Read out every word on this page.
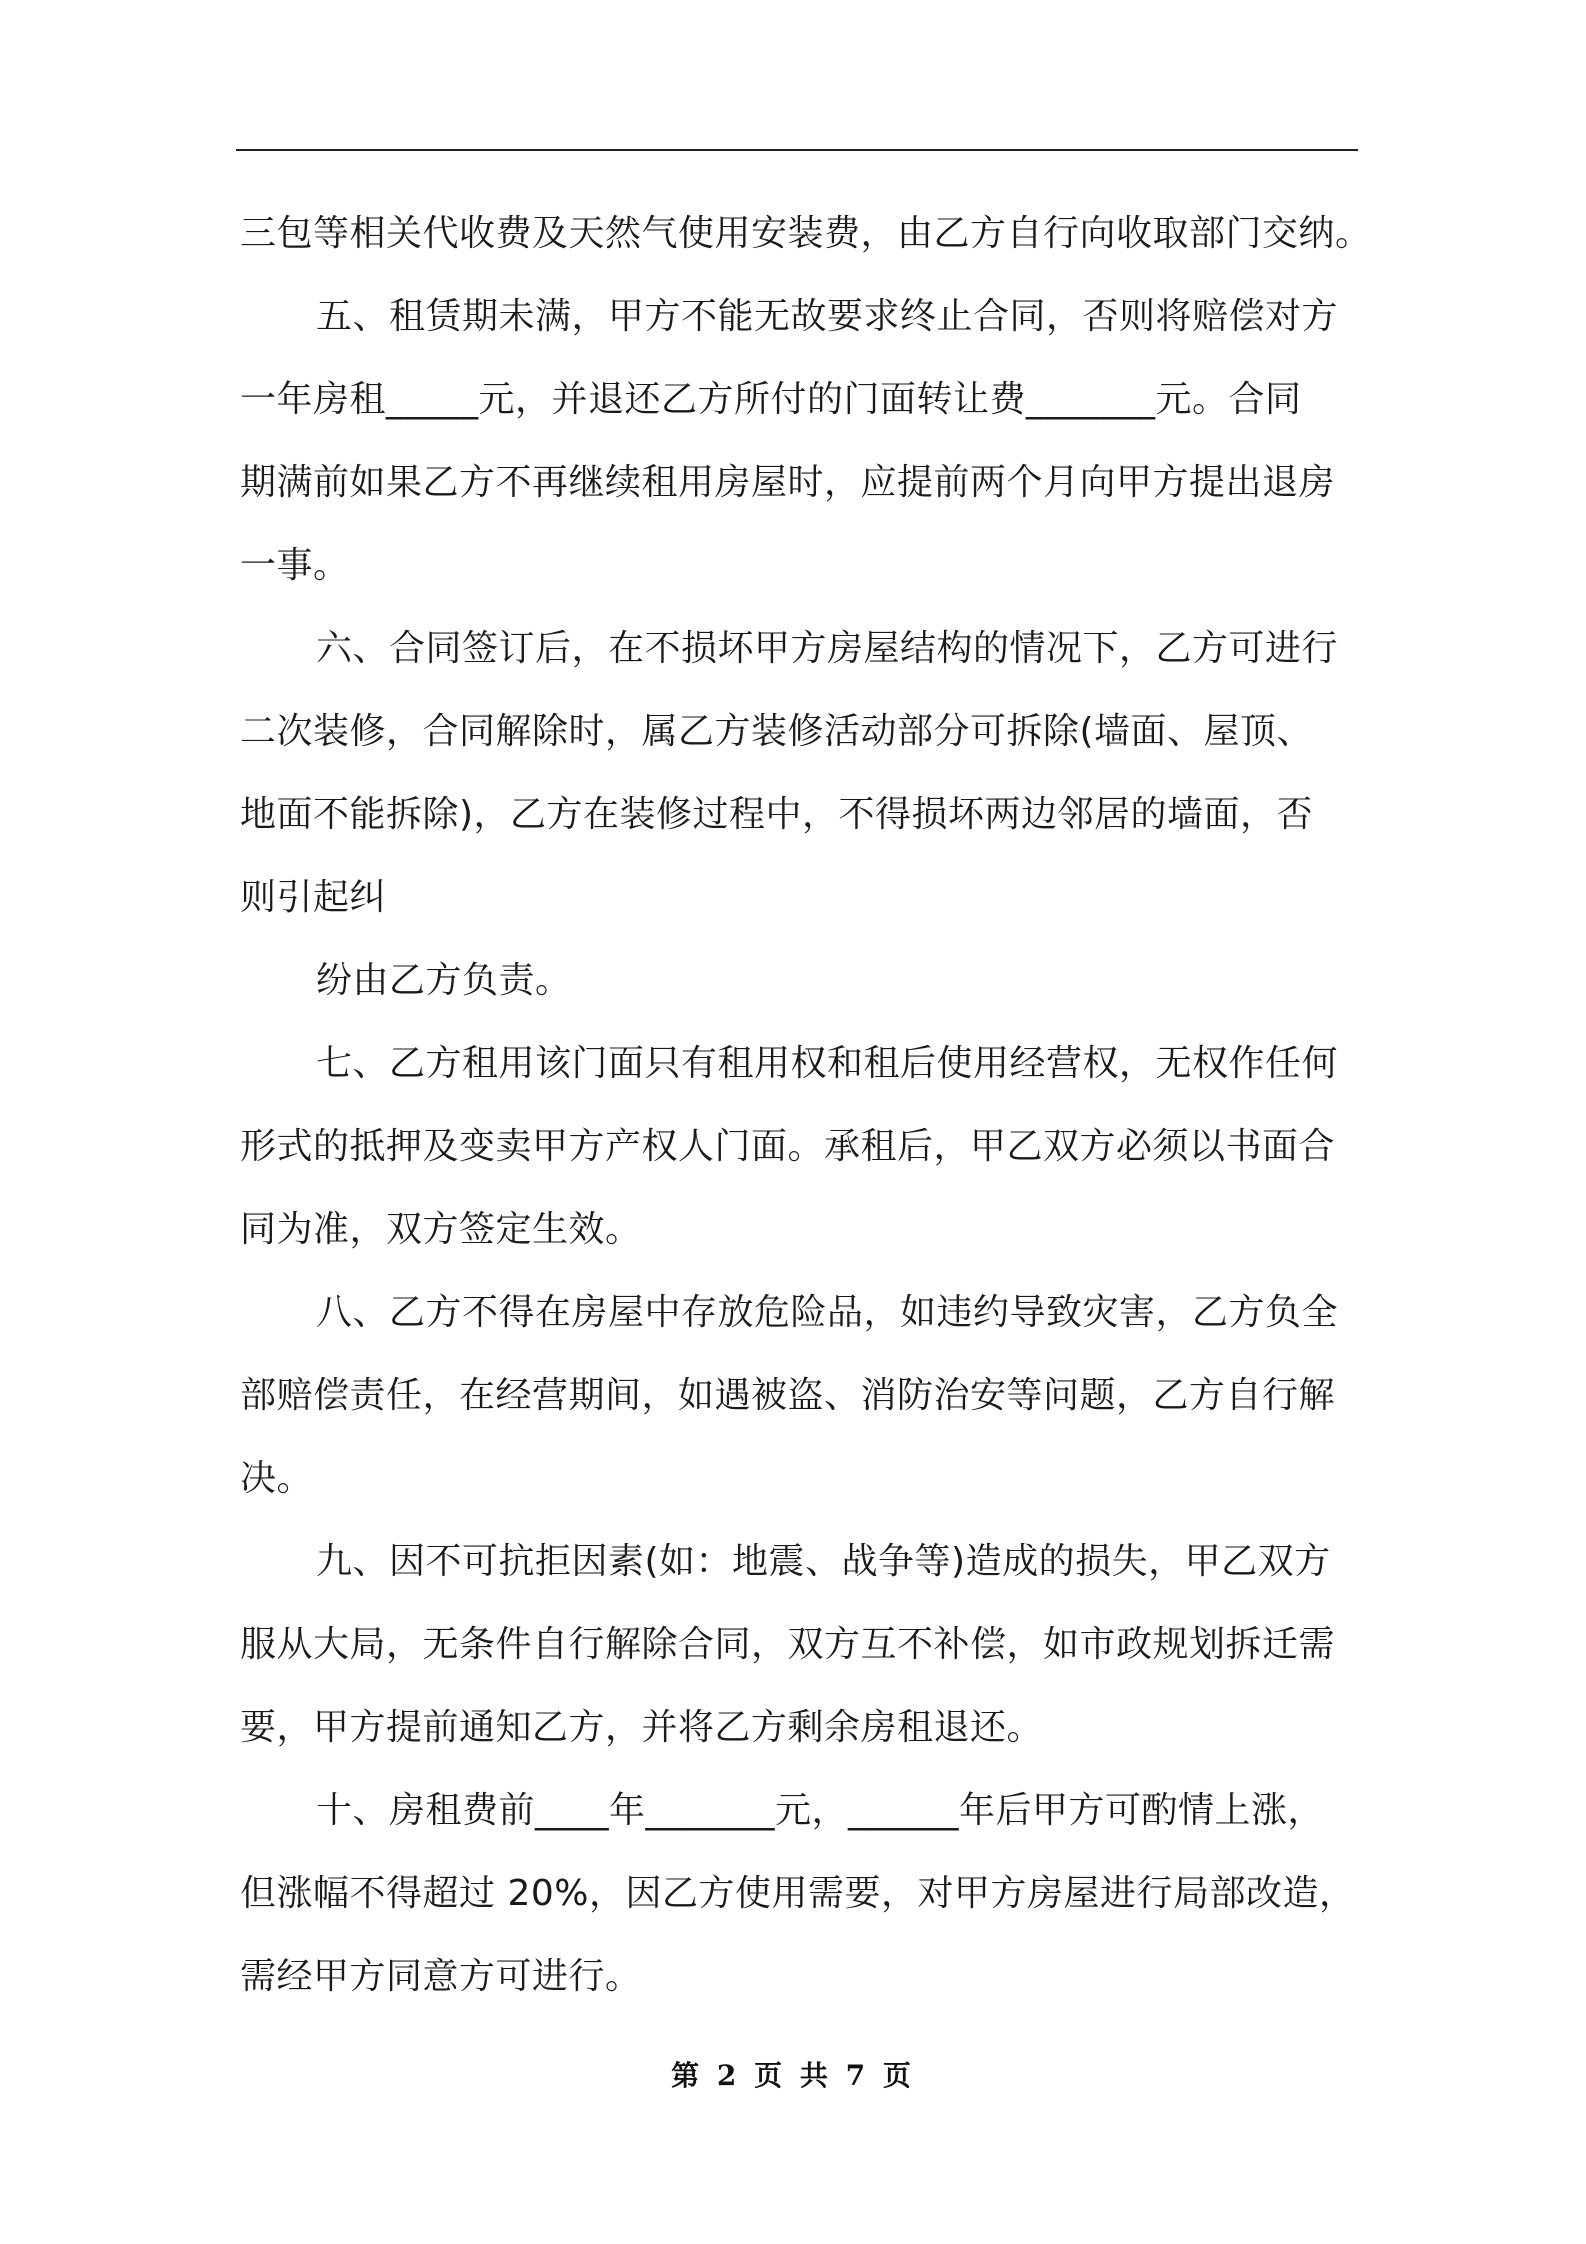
三包等相关代收费及天然气使用安装费，由乙方自行向收取部门交纳。
五、租赁期未满，甲方不能无故要求终止合同，否则将赔偿对方
一年房租_____元，并退还乙方所付的门面转让费_______元。合同
期满前如果乙方不再继续租用房屋时，应提前两个月向甲方提出退房
一事。
六、合同签订后，在不损坏甲方房屋结构的情况下，乙方可进行
二次装修，合同解除时，属乙方装修活动部分可拆除(墙面、屋顶、
地面不能拆除)，乙方在装修过程中，不得损坏两边邻居的墙面，否
则引起纠
纷由乙方负责。
七、乙方租用该门面只有租用权和租后使用经营权，无权作任何
形式的抵押及变卖甲方产权人门面。承租后，甲乙双方必须以书面合
同为准，双方签定生效。
八、乙方不得在房屋中存放危险品，如违约导致灾害，乙方负全
部赔偿责任，在经营期间，如遇被盗、消防治安等问题，乙方自行解
决。
九、因不可抗拒因素(如：地震、战争等)造成的损失，甲乙双方
服从大局，无条件自行解除合同，双方互不补偿，如市政规划拆迁需
要，甲方提前通知乙方，并将乙方剩余房租退还。
十、房租费前____年_______元，______年后甲方可酌情上涨，
但涨幅不得超过 20%，因乙方使用需要，对甲方房屋进行局部改造，
需经甲方同意方可进行。
第 2 页 共 7 页
